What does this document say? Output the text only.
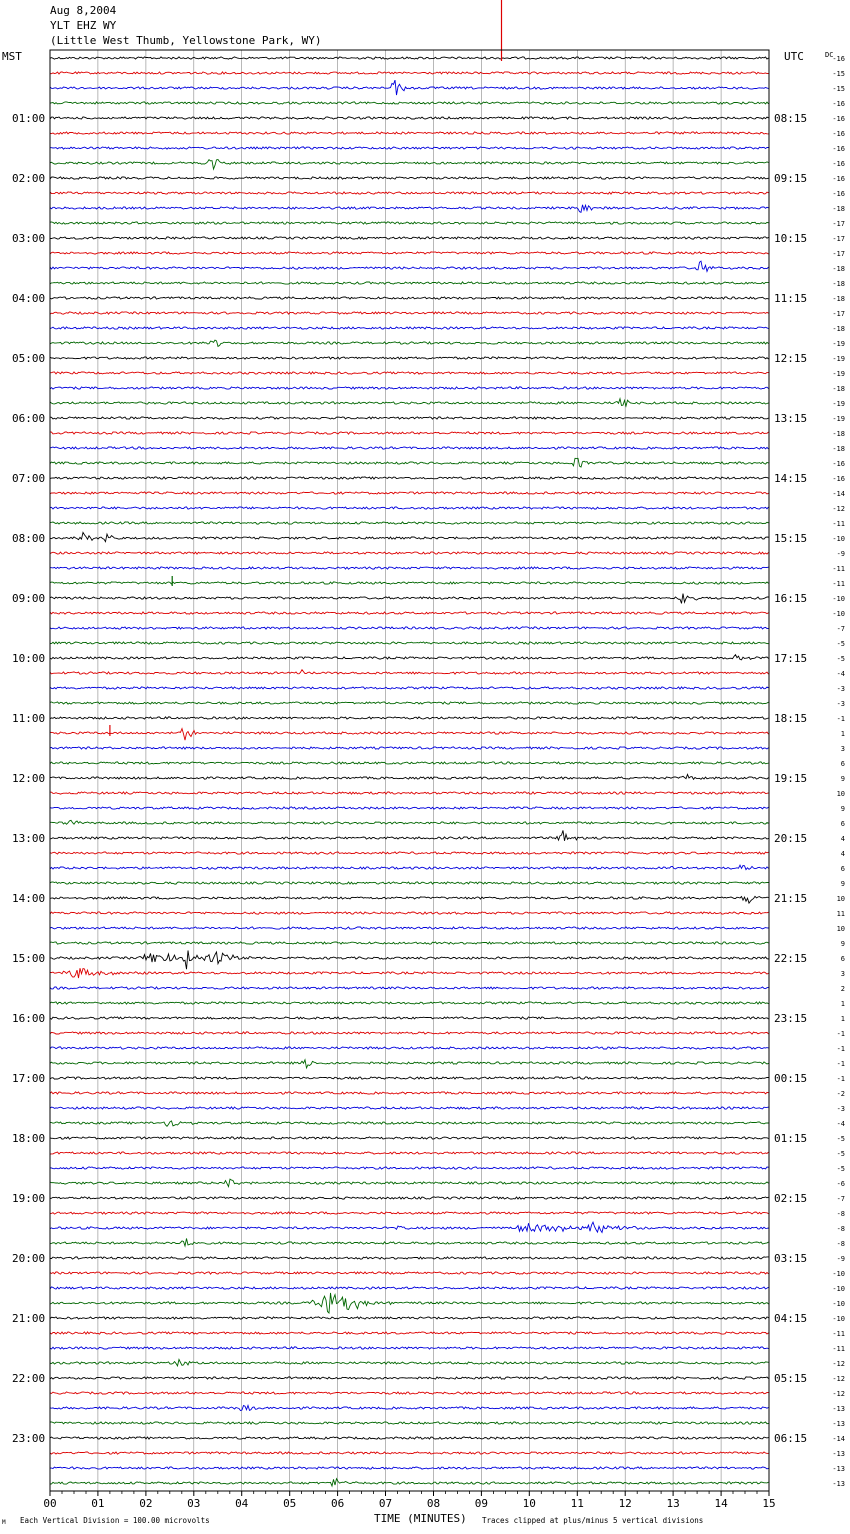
Aug 8,2004
YLT EHZ WY
(Little West Thumb, Yellowstone Park, WY)
MST	UTC	DC
TIME (MINUTES)
M Each Vertical Division = 100.00 microvolts	Traces clipped at plus/minus 5 vertical divisions
01:00
02:00
03:00
04:00
05:00
06:00
07:00
08:00
09:00
10:00
11:00
12:00
13:00
14:00
15:00
16:00
17:00
18:00
19:00
20:00
21:00
22:00
23:00
08:15
09:15
10:15
11:15
12:15
13:15
14:15
15:15
16:15
17:15
18:15
19:15
20:15
21:15
22:15
23:15
00:15
01:15
02:15
03:15
04:15
05:15
06:15
-16
-15
-15
-16
-16
-16
-16
-16
-16
-16
-18
-17
-17
-17
-18
-18
-18
-17
-18
-19
-19
-19
-18
-19
-19
-18
-18
-16
-16
-14
-12
-11
-10
-9
-11
-11
-10
-10
-7
-5
-5
-4
-3
-3
-1
1
3
6
9
10
9
6
4
4
6
9
10
11
10
9
6
3
2
1
1
-1
-1
-1
-1
-2
-3
-4
-5
-5
-5
-6
-7
-8
-8
-8
-9
-10
-10
-10
-10
-11
-11
-12
-12
-12
-13
-13
-14
-13
-13
-13
00	01	02	03	04	05	06	07	08	09	10	11	12	13	14	15
